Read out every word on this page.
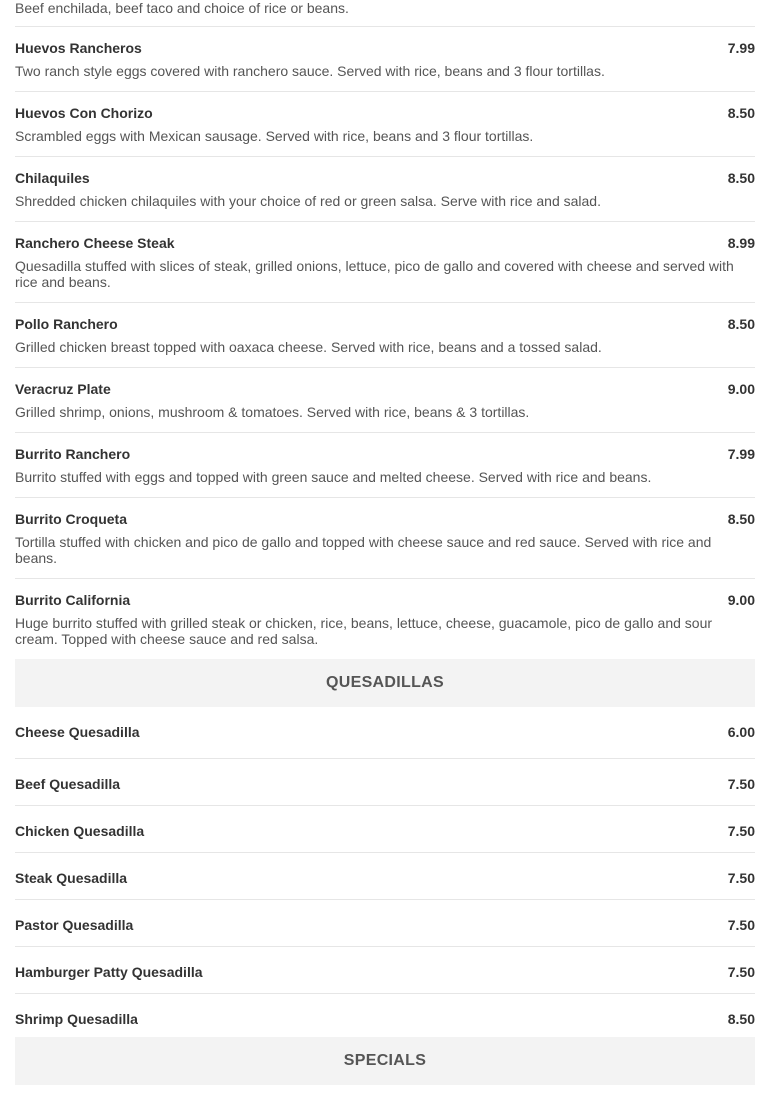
Beef enchilada, beef taco and choice of rice or beans.
Huevos Rancheros	7.99
Two ranch style eggs covered with ranchero sauce. Served with rice, beans and 3 flour tortillas.
Huevos Con Chorizo	8.50
Scrambled eggs with Mexican sausage. Served with rice, beans and 3 flour tortillas.
Chilaquiles	8.50
Shredded chicken chilaquiles with your choice of red or green salsa. Serve with rice and salad.
Ranchero Cheese Steak	8.99
Quesadilla stuffed with slices of steak, grilled onions, lettuce, pico de gallo and covered with cheese and served with rice and beans.
Pollo Ranchero	8.50
Grilled chicken breast topped with oaxaca cheese. Served with rice, beans and a tossed salad.
Veracruz Plate	9.00
Grilled shrimp, onions, mushroom & tomatoes. Served with rice, beans & 3 tortillas.
Burrito Ranchero	7.99
Burrito stuffed with eggs and topped with green sauce and melted cheese. Served with rice and beans.
Burrito Croqueta	8.50
Tortilla stuffed with chicken and pico de gallo and topped with cheese sauce and red sauce. Served with rice and beans.
Burrito California	9.00
Huge burrito stuffed with grilled steak or chicken, rice, beans, lettuce, cheese, guacamole, pico de gallo and sour cream. Topped with cheese sauce and red salsa.
QUESADILLAS
Cheese Quesadilla	6.00
Beef Quesadilla	7.50
Chicken Quesadilla	7.50
Steak Quesadilla	7.50
Pastor Quesadilla	7.50
Hamburger Patty Quesadilla	7.50
Shrimp Quesadilla	8.50
SPECIALS
